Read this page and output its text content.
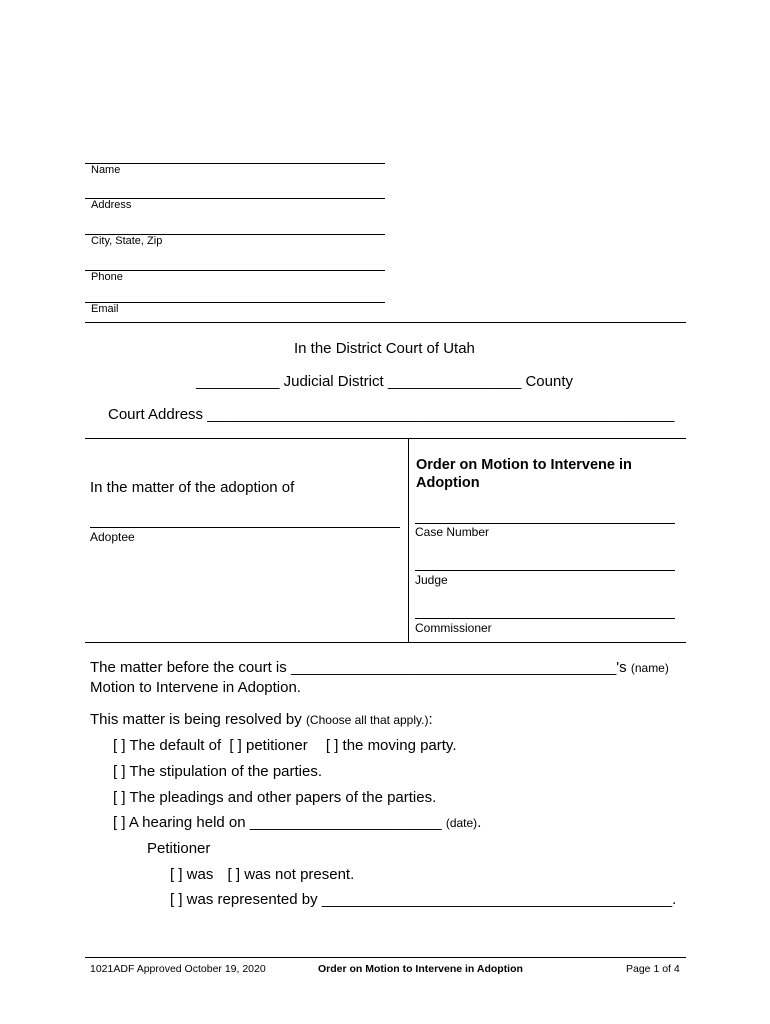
Name
Address
City, State, Zip
Phone
Email
In the District Court of Utah
__________ Judicial District ________________ County
Court Address ________________________________________________________
In the matter of the adoption of
Adoptee
Order on Motion to Intervene in Adoption
Case Number
Judge
Commissioner
The matter before the court is _______________________________________'s (name)
Motion to Intervene in Adoption.
This matter is being resolved by (Choose all that apply.):
[ ] The default of [ ] petitioner [ ] the moving party.
[ ] The stipulation of the parties.
[ ] The pleadings and other papers of the parties.
[ ] A hearing held on _______________________ (date).
Petitioner
[ ] was [ ] was not present.
[ ] was represented by __________________________________________.
1021ADF Approved October 19, 2020	Order on Motion to Intervene in Adoption	Page 1 of 4
